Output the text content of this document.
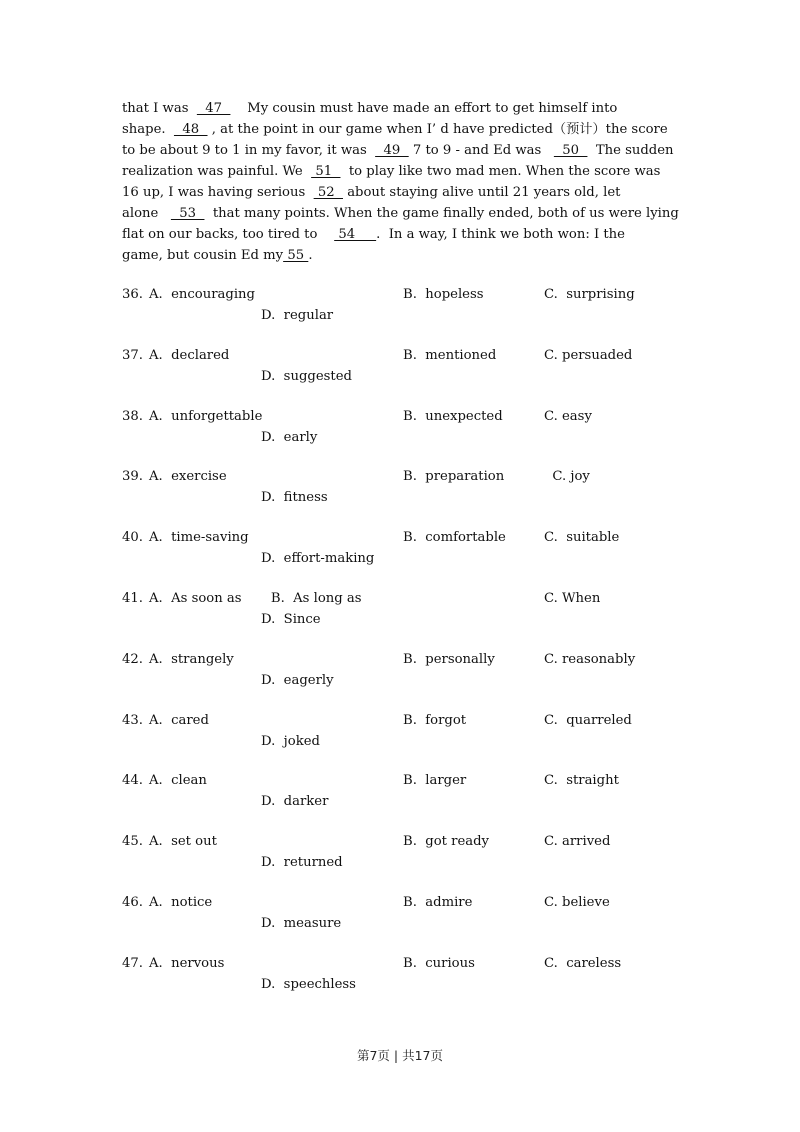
that I was    47      My cousin must have made an effort to get himself into
shape.    48   , at the point in our game when I’ d have predicted（预计）the score
to be about 9 to 1 in my favor, it was    49   7 to 9 - and Ed was     50    The sudden
realization was painful. We   51    to play like two mad men. When the score was
16 up, I was having serious   52   about staying alive until 21 years old, let
alone     53    that many points. When the game finally ended, both of us were lying
flat on our backs, too tired to     54     .  In a way, I think we both won: I the
game, but cousin Ed my 55 .
36. A.  encouraging	B.  hopeless	C.  surprising
D.  regular
37. A.  declared	B.  mentioned	C. persuaded
D.  suggested
38. A.  unforgettable	B.  unexpected	C. easy
D.  early
39. A.  exercise	B.  preparation	C. joy
D.  fitness
40. A.  time-saving	B.  comfortable	C.  suitable
D.  effort-making
41. A.  As soon as       B.  As long as	C. When
D.  Since
42. A.  strangely	B.  personally	C. reasonably
D.  eagerly
43. A.  cared	B.  forgot	C.  quarreled
D.  joked
44. A.  clean	B.  larger	C.  straight
D.  darker
45. A.  set out	B.  got ready	C. arrived
D.  returned
46. A.  notice	B.  admire	C. believe
D.  measure
47. A.  nervous	B.  curious	C.  careless
D.  speechless
第7页 | 共17页
